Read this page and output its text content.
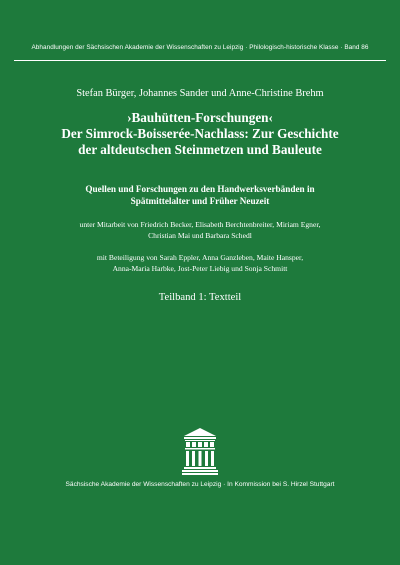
Abhandlungen der Sächsischen Akademie der Wissenschaften zu Leipzig · Philologisch-historische Klasse · Band 86
Stefan Bürger, Johannes Sander und Anne-Christine Brehm
›Bauhütten-Forschungen‹
Der Simrock-Boisserée-Nachlass: Zur Geschichte
der altdeutschen Steinmetzen und Bauleute
Quellen und Forschungen zu den Handwerksverbänden in
Spätmittelalter und Früher Neuzeit
unter Mitarbeit von Friedrich Becker, Elisabeth Berchtenbreiter, Miriam Egner,
Christian Mai und Barbara Schedl
mit Beteiligung von Sarah Eppler, Anna Ganzleben, Maite Hansper,
Anna-Maria Harbke, Jost-Peter Liebig und Sonja Schmitt
Teilband 1: Textteil
Sächsische Akademie der Wissenschaften zu Leipzig · In Kommission bei S. Hirzel Stuttgart
